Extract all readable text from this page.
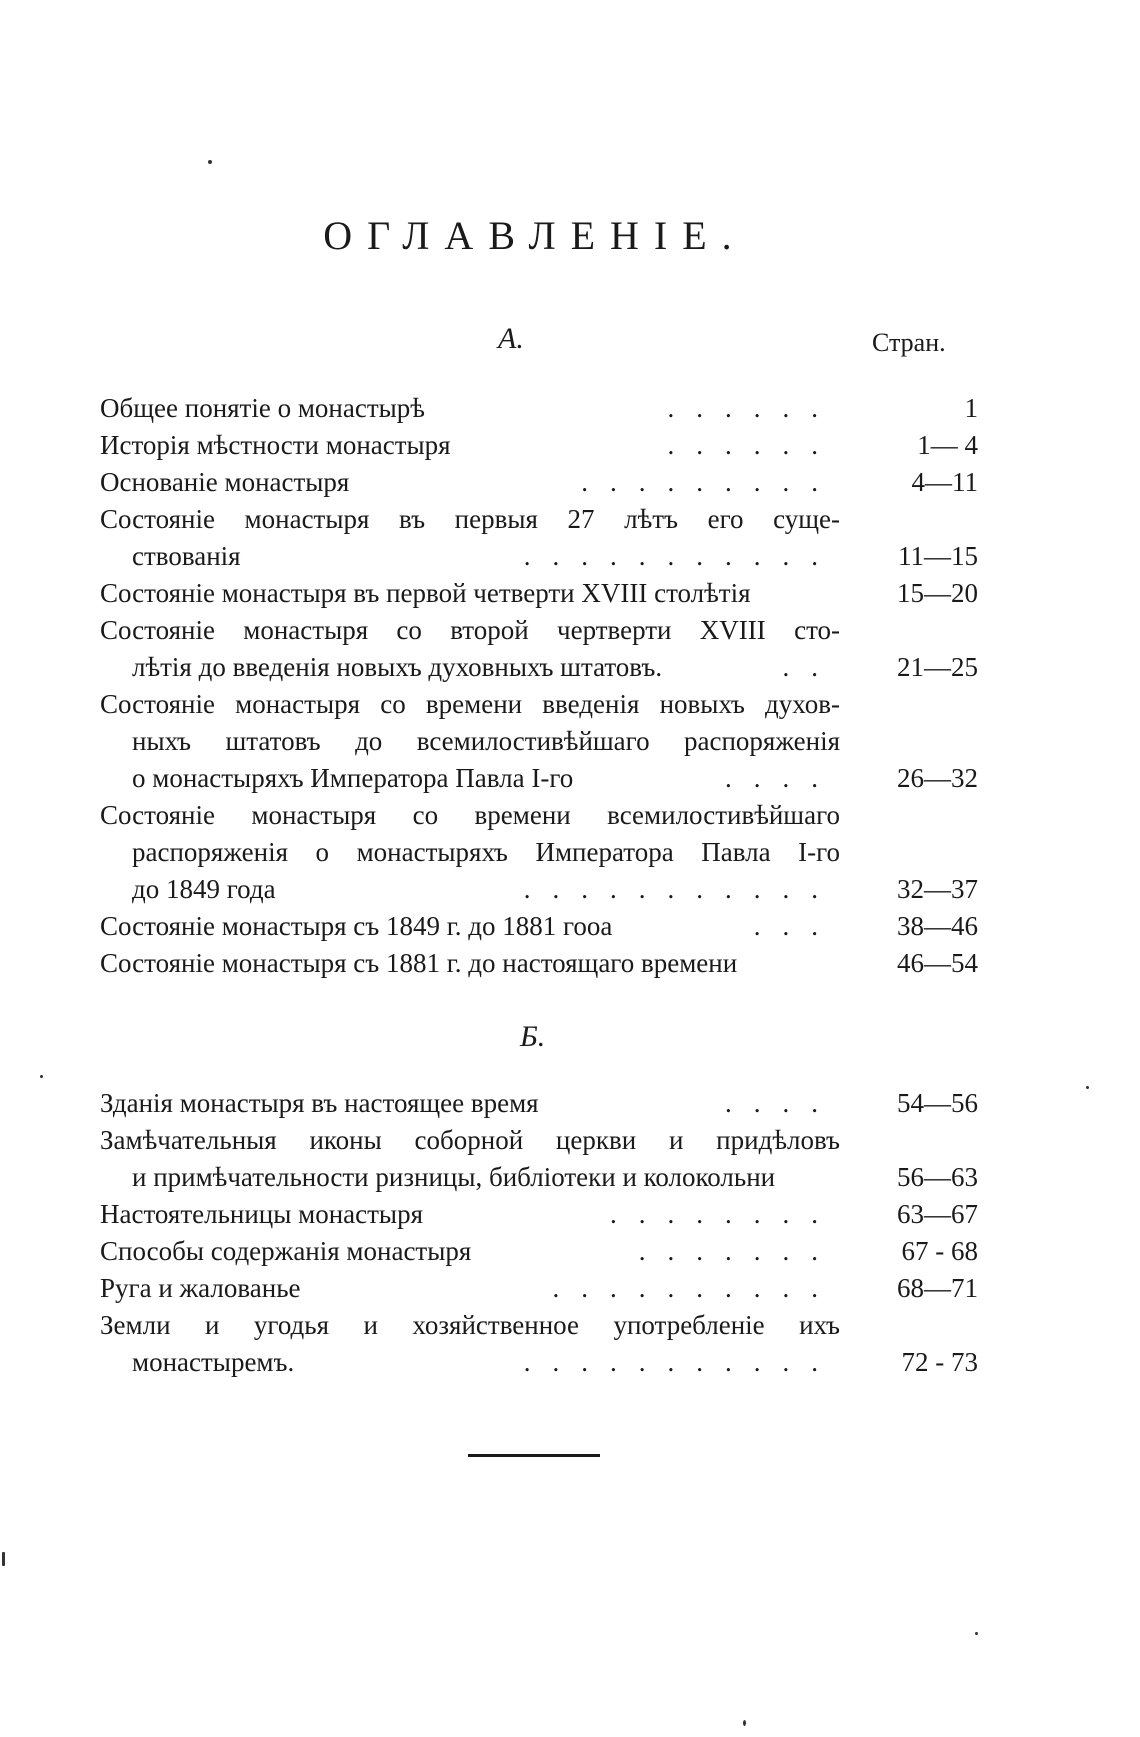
ОГЛАВЛЕНІЕ.
А.	Стран.
Общее понятіе о монастырѣ	......	1
Исторія мѣстности монастыря	......	1— 4
Основаніе монастыря	.........	4—11
Состояніе монастыря въ первыя 27 лѣтъ его суще-
ствованія	...........	11—15
Состояніе монастыря въ первой четверти XVIII столѣтія	15—20
Состояніе монастыря со второй чертверти XVIII сто-
лѣтія до введенія новыхъ духовныхъ штатовъ.	..	21—25
Состояніе монастыря со времени введенія новыхъ духов-
ныхъ штатовъ до всемилостивѣйшаго распоряженія
о монастыряхъ Императора Павла I-го	....	26—32
Состояніе монастыря со времени всемилостивѣйшаго
распоряженія о монастыряхъ Императора Павла I-го
до 1849 года	...........	32—37
Состояніе монастыря съ 1849 г. до 1881 гооа	...	38—46
Состояніе монастыря съ 1881 г. до настоящаго времени	46—54
Б.
Зданія монастыря въ настоящее время	....	54—56
Замѣчательныя иконы соборной церкви и придѣловъ
и примѣчательности ризницы, библіотеки и колокольни	56—63
Настоятельницы монастыря	........	63—67
Способы содержанія монастыря	.......	67 - 68
Руга и жалованье	..........	68—71
Земли и угодья и хозяйственное употребленіе ихъ
монастыремъ.	...........	72 - 73
